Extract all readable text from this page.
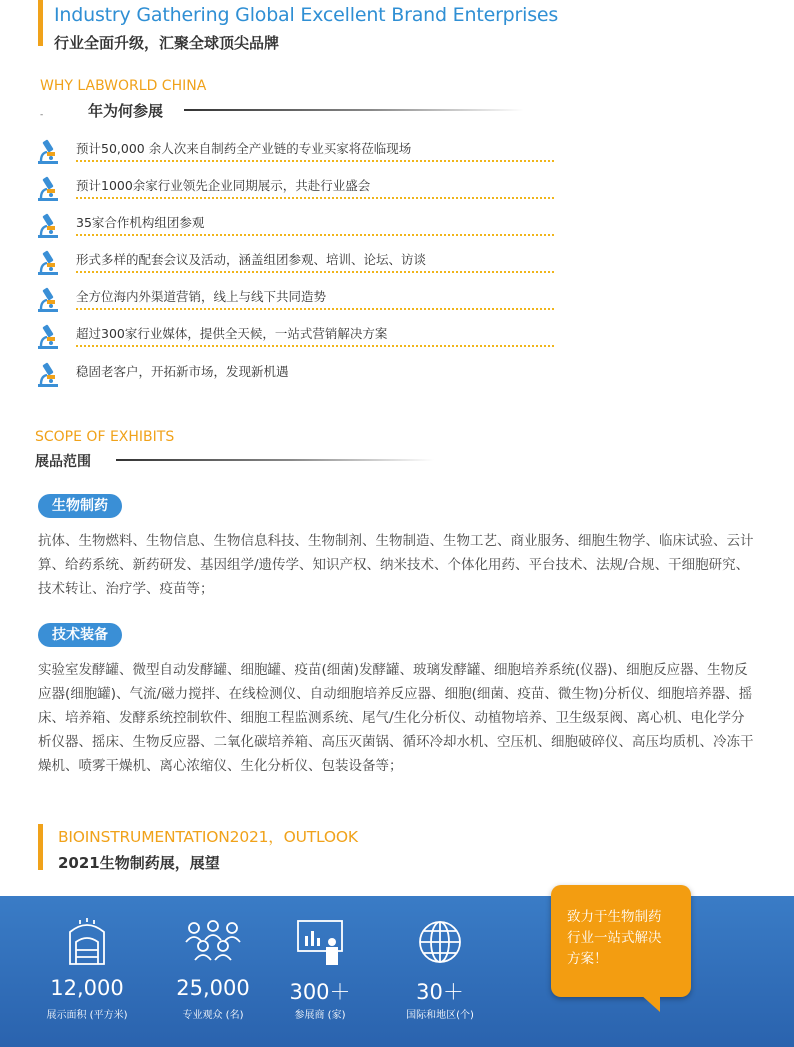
Industry Gathering Global Excellent Brand Enterprises
行业全面升级，汇聚全球顶尖品牌
WHY LABWORLD CHINA
-	年为何参展
预计50,000 余人次来自制药全产业链的专业买家将莅临现场
预计1000余家行业领先企业同期展示，共赴行业盛会
35家合作机构组团参观
形式多样的配套会议及活动，涵盖组团参观、培训、论坛、访谈
全方位海内外渠道营销，线上与线下共同造势
超过300家行业媒体，提供全天候，一站式营销解决方案
稳固老客户，开拓新市场，发现新机遇
SCOPE OF EXHIBITS
展品范围
生物制药
抗体、生物燃料、生物信息、生物信息科技、生物制剂、生物制造、生物工艺、商业服务、细胞生物学、临床试验、云计算、给药系统、新药研发、基因组学/遗传学、知识产权、纳米技术、个体化用药、平台技术、法规/合规、干细胞研究、技术转让、治疗学、疫苗等；
技术装备
实验室发酵罐、微型自动发酵罐、细胞罐、疫苗(细菌)发酵罐、玻璃发酵罐、细胞培养系统(仪器)、细胞反应器、生物反应器(细胞罐)、气流/磁力搅拌、在线检测仪、自动细胞培养反应器、细胞(细菌、疫苗、微生物)分析仪、细胞培养器、摇床、培养箱、发酵系统控制软件、细胞工程监测系统、尾气/生化分析仪、动植物培养、卫生级泵阀、离心机、电化学分析仪器、摇床、生物反应器、二氧化碳培养箱、高压灭菌锅、循环冷却水机、空压机、细胞破碎仪、高压均质机、冷冻干燥机、喷雾干燥机、离心浓缩仪、生化分析仪、包装设备等；
BIOINSTRUMENTATION2021，OUTLOOK
2021生物制药展，展望
12,000
展示面积 (平方米)
25,000
专业观众 (名)
300＋
参展商 (家)
30＋
国际和地区(个)
致力于生物制药
行业一站式解决
方案！
